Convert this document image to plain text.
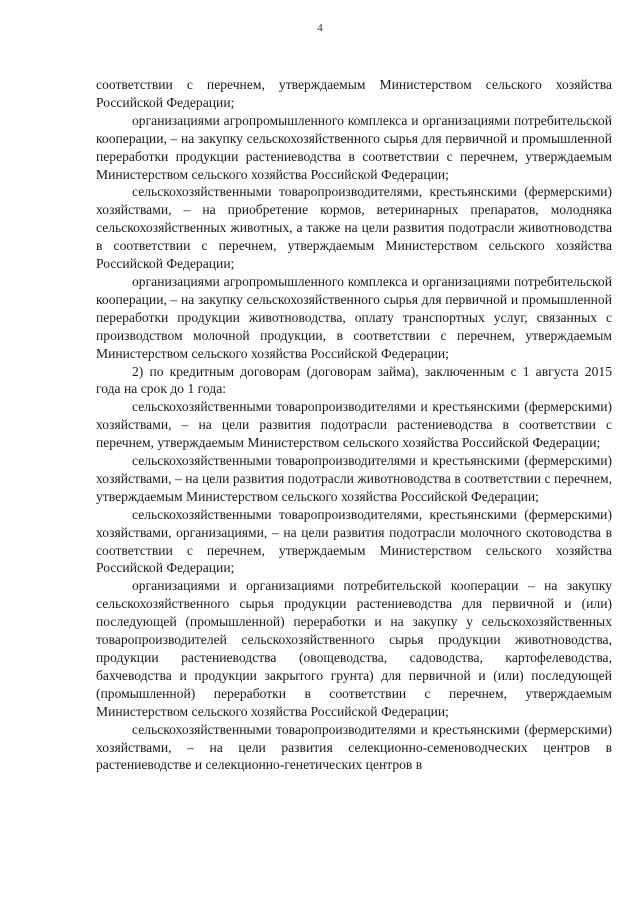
4

соответствии с перечнем, утверждаемым Министерством сельского хозяйства Российской Федерации;

организациями агропромышленного комплекса и организациями потребительской кооперации, – на закупку сельскохозяйственного сырья для первичной и промышленной переработки продукции растениеводства в соответствии с перечнем, утверждаемым Министерством сельского хозяйства Российской Федерации;

сельскохозяйственными товаропроизводителями, крестьянскими (фермерскими) хозяйствами, – на приобретение кормов, ветеринарных препаратов, молодняка сельскохозяйственных животных, а также на цели развития подотрасли животноводства в соответствии с перечнем, утверждаемым Министерством сельского хозяйства Российской Федерации;

организациями агропромышленного комплекса и организациями потребительской кооперации, – на закупку сельскохозяйственного сырья для первичной и промышленной переработки продукции животноводства, оплату транспортных услуг, связанных с производством молочной продукции, в соответствии с перечнем, утверждаемым Министерством сельского хозяйства Российской Федерации;

2) по кредитным договорам (договорам займа), заключенным с 1 августа 2015 года на срок до 1 года:

сельскохозяйственными товаропроизводителями и крестьянскими (фермерскими) хозяйствами, – на цели развития подотрасли растениеводства в соответствии с перечнем, утверждаемым Министерством сельского хозяйства Российской Федерации;

сельскохозяйственными товаропроизводителями и крестьянскими (фермерскими) хозяйствами, – на цели развития подотрасли животноводства в соответствии с перечнем, утверждаемым Министерством сельского хозяйства Российской Федерации;

сельскохозяйственными товаропроизводителями, крестьянскими (фермерскими) хозяйствами, организациями, – на цели развития подотрасли молочного скотоводства в соответствии с перечнем, утверждаемым Министерством сельского хозяйства Российской Федерации;

организациями и организациями потребительской кооперации – на закупку сельскохозяйственного сырья продукции растениеводства для первичной и (или) последующей (промышленной) переработки и на закупку у сельскохозяйственных товаропроизводителей сельскохозяйственного сырья продукции животноводства, продукции растениеводства (овощеводства, садоводства, картофелеводства, бахчеводства и продукции закрытого грунта) для первичной и (или) последующей (промышленной) переработки в соответствии с перечнем, утверждаемым Министерством сельского хозяйства Российской Федерации;

сельскохозяйственными товаропроизводителями и крестьянскими (фермерскими) хозяйствами, – на цели развития селекционно-семеноводческих центров в растениеводстве и селекционно-генетических центров в
